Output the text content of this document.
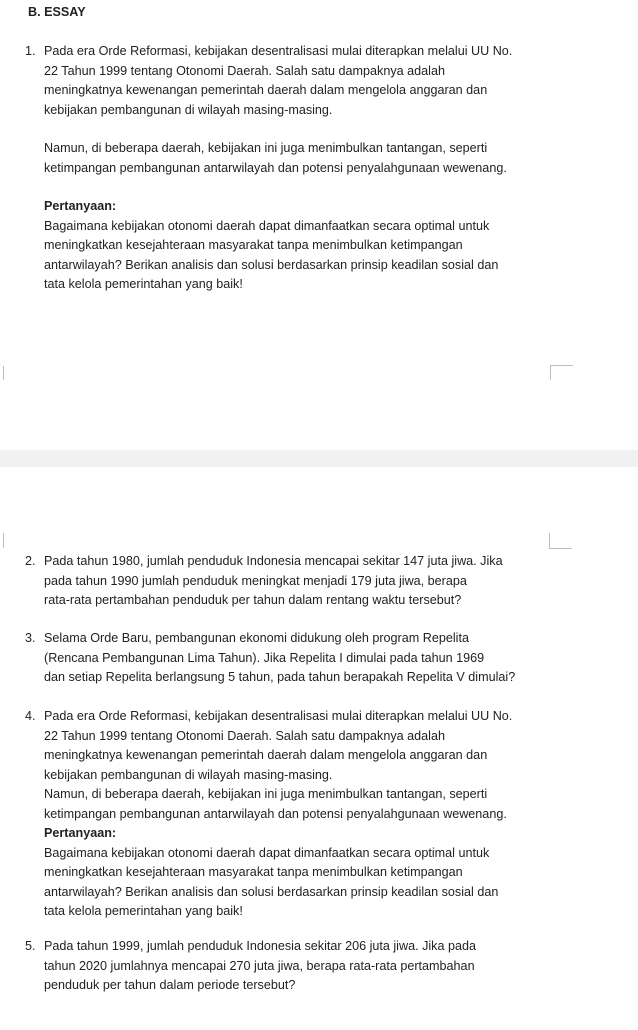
B. ESSAY

1. Pada era Orde Reformasi, kebijakan desentralisasi mulai diterapkan melalui UU No.

22 Tahun 1999 tentang Otonomi Daerah. Salah satu dampaknya adalah

meningkatnya kewenangan pemerintah daerah dalam mengelola anggaran dan

kebijakan pembangunan di wilayah masing-masing.

Namun, di beberapa daerah, kebijakan ini juga menimbulkan tantangan, seperti

ketimpangan pembangunan antarwilayah dan potensi penyalahgunaan wewenang.

Pertanyaan:

Bagaimana kebijakan otonomi daerah dapat dimanfaatkan secara optimal untuk

meningkatkan kesejahteraan masyarakat tanpa menimbulkan ketimpangan

antarwilayah? Berikan analisis dan solusi berdasarkan prinsip keadilan sosial dan

tata kelola pemerintahan yang baik!

2. Pada tahun 1980, jumlah penduduk Indonesia mencapai sekitar 147 juta jiwa. Jika

pada tahun 1990 jumlah penduduk meningkat menjadi 179 juta jiwa, berapa

rata-rata pertambahan penduduk per tahun dalam rentang waktu tersebut?

3. Selama Orde Baru, pembangunan ekonomi didukung oleh program Repelita

(Rencana Pembangunan Lima Tahun). Jika Repelita I dimulai pada tahun 1969

dan setiap Repelita berlangsung 5 tahun, pada tahun berapakah Repelita V dimulai?

4. Pada era Orde Reformasi, kebijakan desentralisasi mulai diterapkan melalui UU No.

22 Tahun 1999 tentang Otonomi Daerah. Salah satu dampaknya adalah

meningkatnya kewenangan pemerintah daerah dalam mengelola anggaran dan

kebijakan pembangunan di wilayah masing-masing.

Namun, di beberapa daerah, kebijakan ini juga menimbulkan tantangan, seperti

ketimpangan pembangunan antarwilayah dan potensi penyalahgunaan wewenang.

Pertanyaan:

Bagaimana kebijakan otonomi daerah dapat dimanfaatkan secara optimal untuk

meningkatkan kesejahteraan masyarakat tanpa menimbulkan ketimpangan

antarwilayah? Berikan analisis dan solusi berdasarkan prinsip keadilan sosial dan

tata kelola pemerintahan yang baik!

5. Pada tahun 1999, jumlah penduduk Indonesia sekitar 206 juta jiwa. Jika pada

tahun 2020 jumlahnya mencapai 270 juta jiwa, berapa rata-rata pertambahan

penduduk per tahun dalam periode tersebut?
